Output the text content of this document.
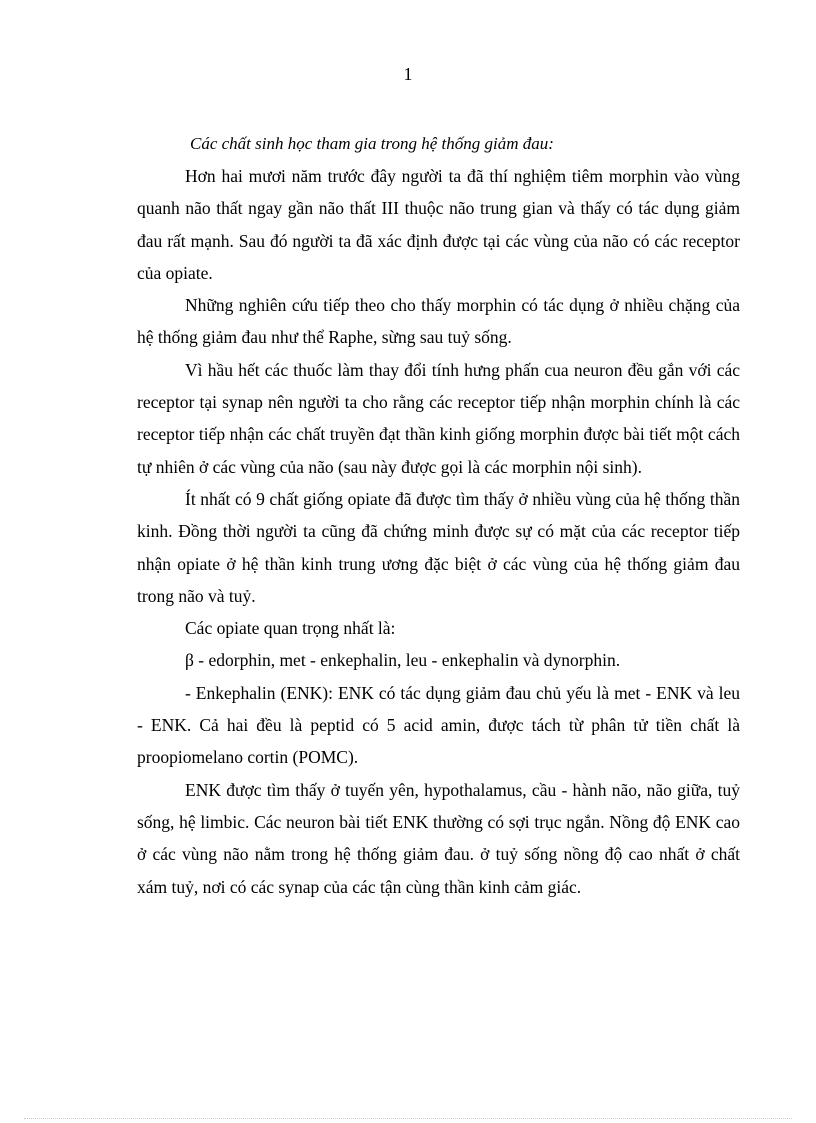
1

Các chất sinh học tham gia trong hệ thống giảm đau:

Hơn hai mươi năm trước đây người ta đã thí nghiệm tiêm morphin vào vùng quanh não thất ngay gần não thất III thuộc não trung gian và thấy có tác dụng giảm đau rất mạnh. Sau đó người ta đã xác định được tại các vùng của não có các receptor của opiate.

Những nghiên cứu tiếp theo cho thấy morphin có tác dụng ở nhiều chặng của hệ thống giảm đau như thể Raphe, sừng sau tuỷ sống.

Vì hầu hết các thuốc làm thay đổi tính hưng phấn cua neuron đều gắn với các receptor tại synap nên người ta cho rằng các receptor tiếp nhận morphin chính là các receptor tiếp nhận các chất truyền đạt thần kinh giống morphin được bài tiết một cách tự nhiên ở các vùng của não (sau này được gọi là các morphin nội sinh).

Ít nhất có 9 chất giống opiate đã được tìm thấy ở nhiều vùng của hệ thống thần kinh. Đồng thời người ta cũng đã chứng minh được sự có mặt của các receptor tiếp nhận opiate ở hệ thần kinh trung ương đặc biệt ở các vùng của hệ thống giảm đau trong não và tuỷ.

Các opiate quan trọng nhất là:

β - edorphin, met - enkephalin, leu - enkephalin và dynorphin.

- Enkephalin (ENK): ENK có tác dụng giảm đau chủ yếu là met - ENK và leu - ENK. Cả hai đều là peptid có 5 acid amin, được tách từ phân tử tiền chất là proopiomelano cortin (POMC).

ENK được tìm thấy ở tuyến yên, hypothalamus, cầu - hành não, não giữa, tuỷ sống, hệ limbic. Các neuron bài tiết ENK thường có sợi trục ngắn. Nồng độ ENK cao ở các vùng não nằm trong hệ thống giảm đau. ở tuỷ sống nồng độ cao nhất ở chất xám tuỷ, nơi có các synap của các tận cùng thần kinh cảm giác.
